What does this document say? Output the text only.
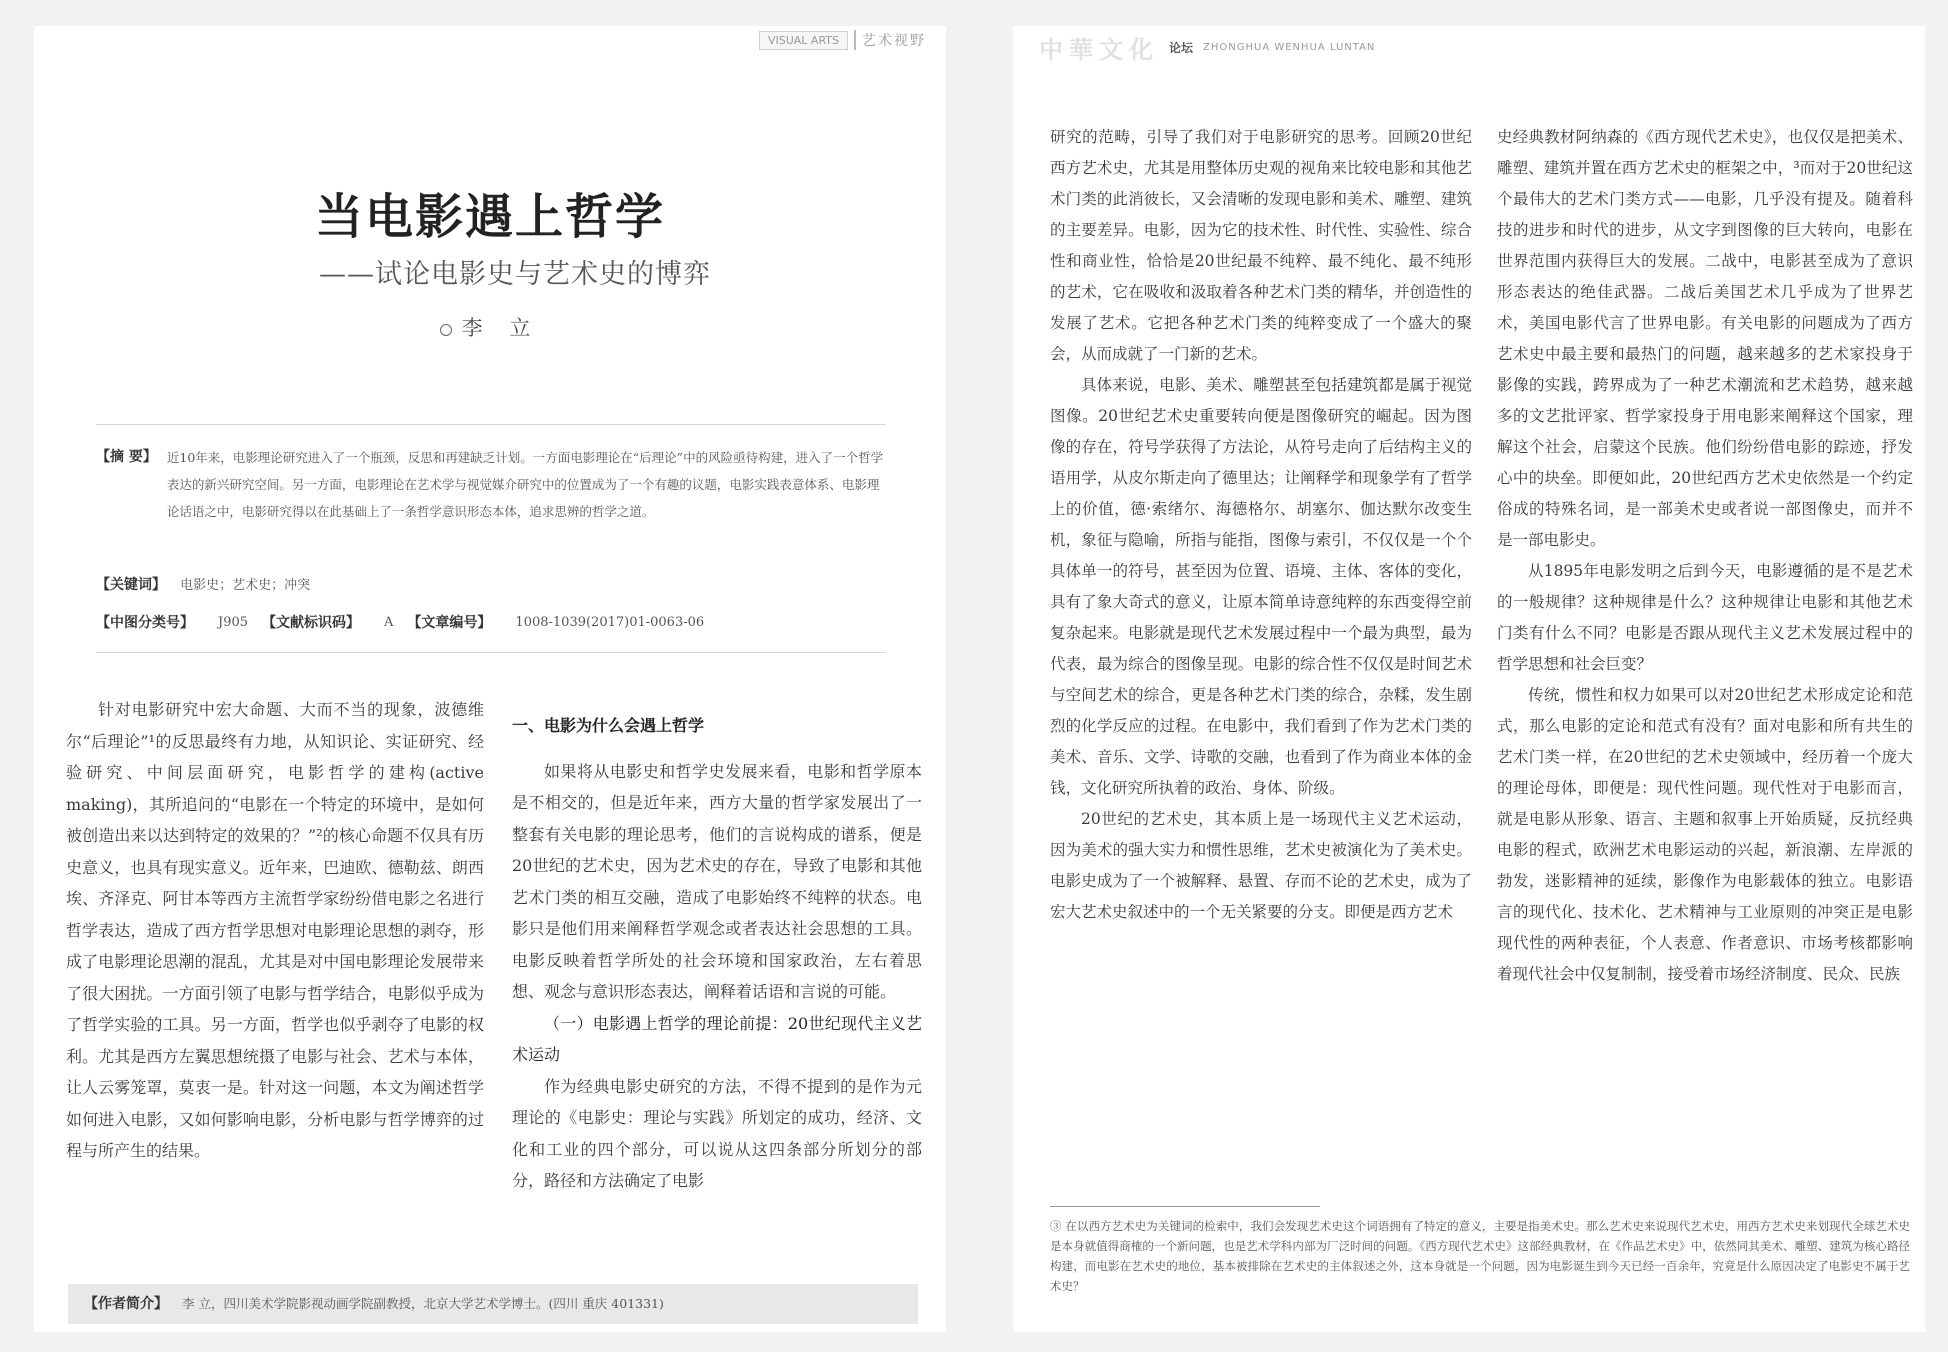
VISUAL ARTS	艺术视野
当电影遇上哲学
——试论电影史与艺术史的博弈
李 立
【摘 要】 近10年来，电影理论研究进入了一个瓶颈，反思和再建缺乏计划。一方面电影理论在“后理论”中的风险亟待构建，进入了一个哲学表达的新兴研究空间。另一方面，电影理论在艺术学与视觉媒介研究中的位置成为了一个有趣的议题，电影实践表意体系、电影理论话语之中，电影研究得以在此基础上了一条哲学意识形态本体，追求思辨的哲学之道。
【关键词】 电影史；艺术史；冲突
【中图分类号】 J905 【文献标识码】 A 【文章编号】 1008-1039(2017)01-0063-06

针对电影研究中宏大命题、大而不当的现象，波德维尔“后理论”¹的反思最终有力地，从知识论、实证研究、经验研究、中间层面研究，电影哲学的建构(active making)，其所追问的“电影在一个特定的环境中，是如何被创造出来以达到特定的效果的？”²的核心命题不仅具有历史意义，也具有现实意义。近年来，巴迪欧、德勒兹、朗西埃、齐泽克、阿甘本等西方主流哲学家纷纷借电影之名进行哲学表达，造成了西方哲学思想对电影理论思想的剥夺，形成了电影理论思潮的混乱，尤其是对中国电影理论发展带来了很大困扰。一方面引领了电影与哲学结合，电影似乎成为了哲学实验的工具。另一方面，哲学也似乎剥夺了电影的权利。尤其是西方左翼思想统摄了电影与社会、艺术与本体，让人云雾笼罩，莫衷一是。针对这一问题，本文为阐述哲学如何进入电影，又如何影响电影，分析电影与哲学博弈的过程与所产生的结果。

一、电影为什么会遇上哲学

如果将从电影史和哲学史发展来看，电影和哲学原本是不相交的，但是近年来，西方大量的哲学家发展出了一整套有关电影的理论思考，他们的言说构成的谱系，便是20世纪的艺术史，因为艺术史的存在，导致了电影和其他艺术门类的相互交融，造成了电影始终不纯粹的状态。电影只是他们用来阐释哲学观念或者表达社会思想的工具。电影反映着哲学所处的社会环境和国家政治，左右着思想、观念与意识形态表达，阐释着话语和言说的可能。

（一）电影遇上哲学的理论前提：20世纪现代主义艺术运动

作为经典电影史研究的方法，不得不提到的是作为元理论的《电影史：理论与实践》所划定的成功，经济、文化和工业的四个部分，可以说从这四条部分所划分的部分，路径和方法确定了电影

【作者简介】 李 立，四川美术学院影视动画学院副教授，北京大学艺术学博士。(四川 重庆 401331)
中華文化 论坛 ZHONGHUA WENHUA LUNTAN

研究的范畴，引导了我们对于电影研究的思考。回顾20世纪西方艺术史，尤其是用整体历史观的视角来比较电影和其他艺术门类的此消彼长，又会清晰的发现电影和美术、雕塑、建筑的主要差异。电影，因为它的技术性、时代性、实验性、综合性和商业性，恰恰是20世纪最不纯粹、最不纯化、最不纯形的艺术，它在吸收和汲取着各种艺术门类的精华，并创造性的发展了艺术。它把各种艺术门类的纯粹变成了一个盛大的聚会，从而成就了一门新的艺术。

具体来说，电影、美术、雕塑甚至包括建筑都是属于视觉图像。20世纪艺术史重要转向便是图像研究的崛起。因为图像的存在，符号学获得了方法论，从符号走向了后结构主义的语用学，从皮尔斯走向了德里达；让阐释学和现象学有了哲学上的价值，德·索绪尔、海德格尔、胡塞尔、伽达默尔改变生机，象征与隐喻，所指与能指，图像与索引，不仅仅是一个个具体单一的符号，甚至因为位置、语境、主体、客体的变化，具有了象大奇式的意义，让原本简单诗意纯粹的东西变得空前复杂起来。电影就是现代艺术发展过程中一个最为典型，最为代表，最为综合的图像呈现。电影的综合性不仅仅是时间艺术与空间艺术的综合，更是各种艺术门类的综合，杂糅，发生剧烈的化学反应的过程。在电影中，我们看到了作为艺术门类的美术、音乐、文学、诗歌的交融，也看到了作为商业本体的金钱，文化研究所执着的政治、身体、阶级。

20世纪的艺术史，其本质上是一场现代主义艺术运动，因为美术的强大实力和惯性思维，艺术史被演化为了美术史。电影史成为了一个被解释、悬置、存而不论的艺术史，成为了宏大艺术史叙述中的一个无关紧要的分支。即便是西方艺术

史经典教材阿纳森的《西方现代艺术史》，也仅仅是把美术、雕塑、建筑并置在西方艺术史的框架之中，³而对于20世纪这个最伟大的艺术门类方式——电影，几乎没有提及。随着科技的进步和时代的进步，从文字到图像的巨大转向，电影在世界范围内获得巨大的发展。二战中，电影甚至成为了意识形态表达的绝佳武器。二战后美国艺术几乎成为了世界艺术，美国电影代言了世界电影。有关电影的问题成为了西方艺术史中最主要和最热门的问题，越来越多的艺术家投身于影像的实践，跨界成为了一种艺术潮流和艺术趋势，越来越多的文艺批评家、哲学家投身于用电影来阐释这个国家，理解这个社会，启蒙这个民族。他们纷纷借电影的踪迹，抒发心中的块垒。即便如此，20世纪西方艺术史依然是一个约定俗成的特殊名词，是一部美术史或者说一部图像史，而并不是一部电影史。

从1895年电影发明之后到今天，电影遵循的是不是艺术的一般规律？这种规律是什么？这种规律让电影和其他艺术门类有什么不同？电影是否跟从现代主义艺术发展过程中的哲学思想和社会巨变？

传统，惯性和权力如果可以对20世纪艺术形成定论和范式，那么电影的定论和范式有没有？面对电影和所有共生的艺术门类一样，在20世纪的艺术史领域中，经历着一个庞大的理论母体，即便是：现代性问题。现代性对于电影而言，就是电影从形象、语言、主题和叙事上开始质疑，反抗经典电影的程式，欧洲艺术电影运动的兴起，新浪潮、左岸派的勃发，迷影精神的延续，影像作为电影载体的独立。电影语言的现代化、技术化、艺术精神与工业原则的冲突正是电影现代性的两种表征，个人表意、作者意识、市场考核都影响着现代社会中仅复制制，接受着市场经济制度、民众、民族

③ 在以西方艺术史为关键词的检索中，我们会发现艺术史这个词语拥有了特定的意义，主要是指美术史。那么艺术史来说现代艺术史，用西方艺术史来划现代全球艺术史是本身就值得商榷的一个新问题，也是艺术学科内部为厂泛时间的问题。《西方现代艺术史》这部经典教材，在《作品艺术史》中，依然同其美术、雕塑、建筑为核心路径构建，而电影在艺术史的地位，基本被排除在艺术史的主体叙述之外，这本身就是一个问题，因为电影诞生到今天已经一百余年，究竟是什么原因决定了电影史不属于艺术史？
